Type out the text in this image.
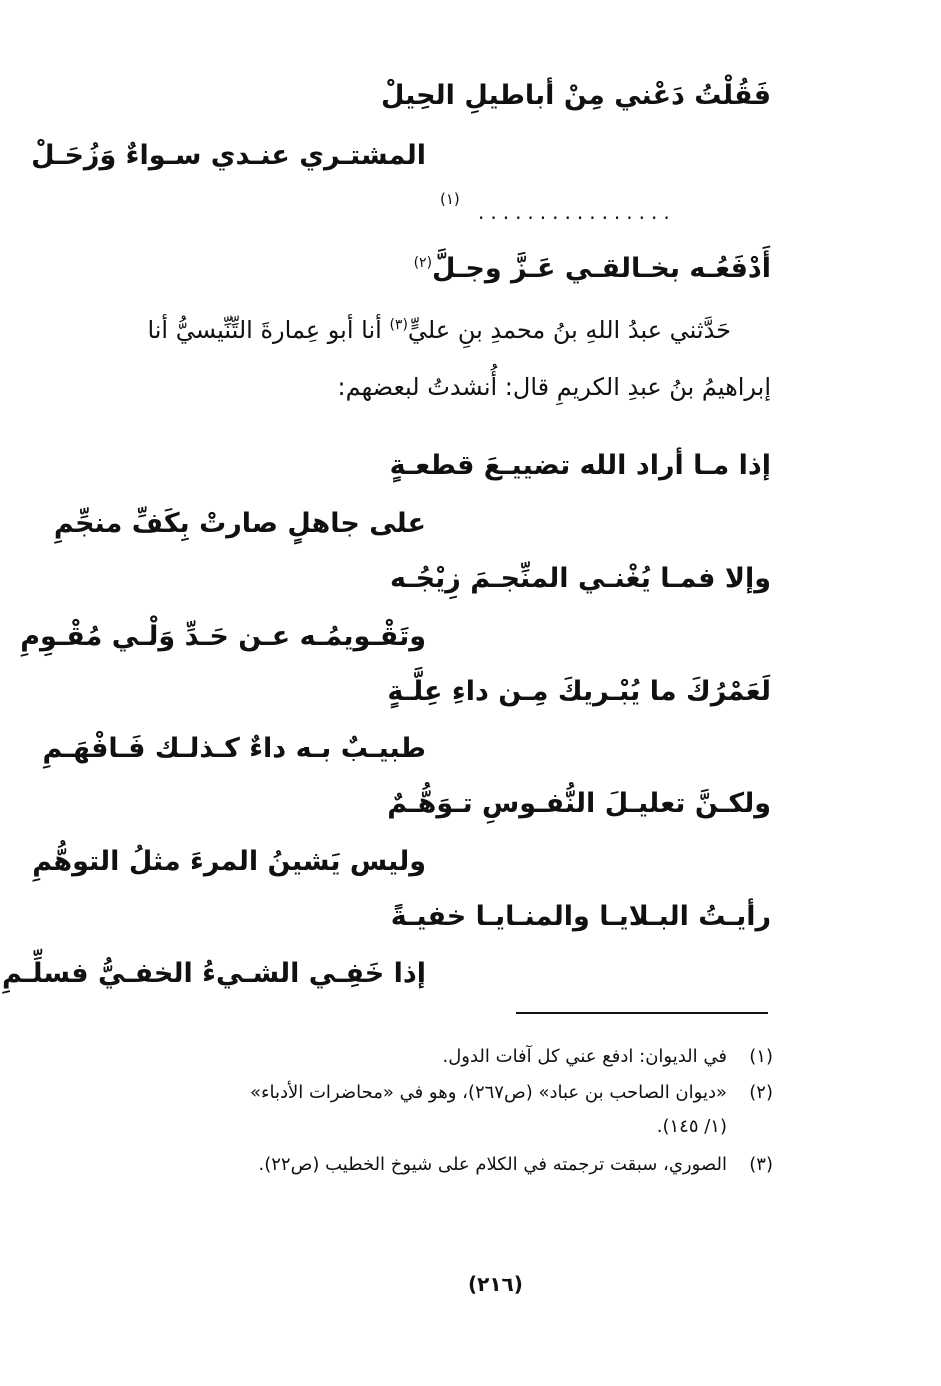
فَقُلْتُ دَعْني مِنْ أباطيلِ الحِيلْ
المشتـري عنـدي سـواءٌ وَزُحَـلْ
(١)
................
أَدْفَعُـه بخـالقـي عَـزَّ وجـلَّ$^{(٢)}$
حَدَّثني عبدُ اللهِ بنُ محمدِ بنِ عليٍّ$^{(٣)}$ أنا أبو عِمارةَ التِّنِّيسيُّ أنا
إبراهيمُ بنُ عبدِ الكريمِ قال: أُنشدتُ لبعضهم:
إذا مـا أراد الله تضييـعَ قطعـةٍ
على جاهلٍ صارتْ بِكَفِّ منجِّمِ
وإلا فمـا يُغْنـي المنِّجـمَ زِيْجُـه
وتَقْـويمُـه عـن حَـدِّ وَلْـي مُقْـوِمِ
لَعَمْرُكَ ما يُبْـريكَ مِـن داءِ عِلَّـةٍ
طبيـبٌ بـه داءٌ كـذلـك فَـافْهَـمِ
ولكـنَّ تعليـلَ النُّفـوسِ تـوَهُّـمٌ
وليس يَشينُ المرءَ مثلُ التوهُّمِ
رأيـتُ البـلايـا والمنـايـا خفيـةً
إذا خَفِـي الشـيءُ الخفـيُّ فسلِّـمِ
(١)في الديوان: ادفع عني كل آفات الدول.
(٢)«ديوان الصاحب بن عباد» (ص٢٦٧)، وهو في «محاضرات الأدباء»
(١/ ١٤٥).
(٣)الصوري، سبقت ترجمته في الكلام على شيوخ الخطيب (ص٢٢).
(٢١٦)
